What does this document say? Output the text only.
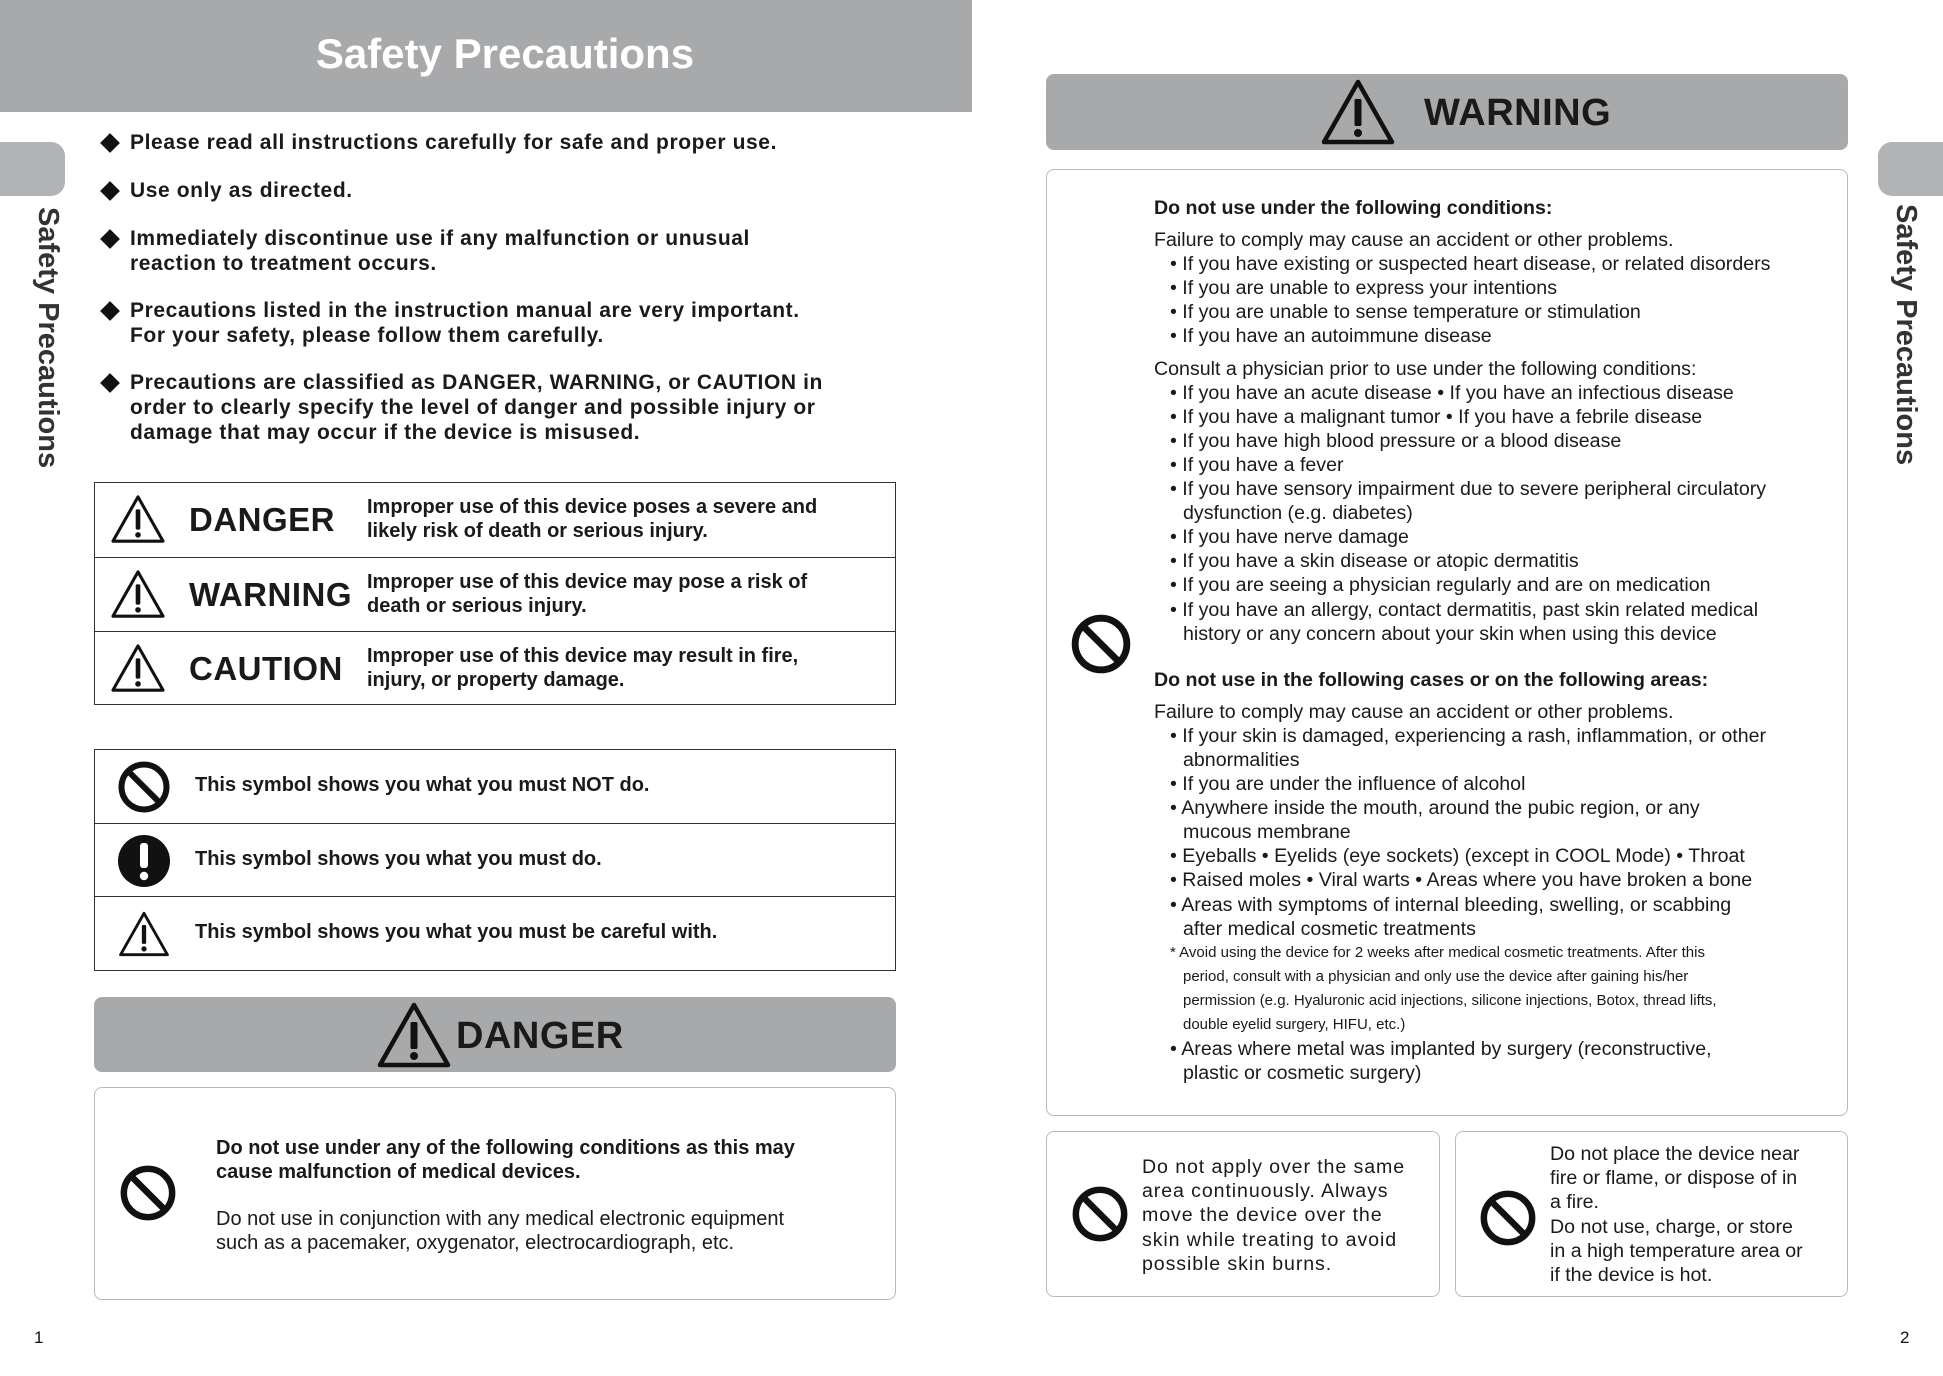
Safety Precautions
Safety Precautions
Please read all instructions carefully for safe and proper use.
Use only as directed.
Immediately discontinue use if any malfunction or unusual
reaction to treatment occurs.
Precautions listed in the instruction manual are very important.
For your safety, please follow them carefully.
Precautions are classified as DANGER, WARNING, or CAUTION in
order to clearly specify the level of danger and possible injury or
damage that may occur if the device is misused.
DANGER Improper use of this device poses a severe and
likely risk of death or serious injury.
WARNING Improper use of this device may pose a risk of
death or serious injury.
CAUTION Improper use of this device may result in fire,
injury, or property damage.
This symbol shows you what you must NOT do.
This symbol shows you what you must do.
This symbol shows you what you must be careful with.
DANGER
Do not use under any of the following conditions as this may
cause malfunction of medical devices.
Do not use in conjunction with any medical electronic equipment
such as a pacemaker, oxygenator, electrocardiograph, etc.
1
Safety Precautions
WARNING
Do not use under the following conditions:
Failure to comply may cause an accident or other problems.
• If you have existing or suspected heart disease, or related disorders
• If you are unable to express your intentions
• If you are unable to sense temperature or stimulation
• If you have an autoimmune disease
Consult a physician prior to use under the following conditions:
• If you have an acute disease • If you have an infectious disease
• If you have a malignant tumor • If you have a febrile disease
• If you have high blood pressure or a blood disease
• If you have a fever
• If you have sensory impairment due to severe peripheral circulatory
dysfunction (e.g. diabetes)
• If you have nerve damage
• If you have a skin disease or atopic dermatitis
• If you are seeing a physician regularly and are on medication
• If you have an allergy, contact dermatitis, past skin related medical
history or any concern about your skin when using this device
Do not use in the following cases or on the following areas:
Failure to comply may cause an accident or other problems.
• If your skin is damaged, experiencing a rash, inflammation, or other
abnormalities
• If you are under the influence of alcohol
• Anywhere inside the mouth, around the pubic region, or any
mucous membrane
• Eyeballs • Eyelids (eye sockets) (except in COOL Mode) • Throat
• Raised moles • Viral warts • Areas where you have broken a bone
• Areas with symptoms of internal bleeding, swelling, or scabbing
after medical cosmetic treatments
* Avoid using the device for 2 weeks after medical cosmetic treatments. After this
period, consult with a physician and only use the device after gaining his/her
permission (e.g. Hyaluronic acid injections, silicone injections, Botox, thread lifts,
double eyelid surgery, HIFU, etc.)
• Areas where metal was implanted by surgery (reconstructive,
plastic or cosmetic surgery)
Do not apply over the same
area continuously. Always
move the device over the
skin while treating to avoid
possible skin burns.
Do not place the device near
fire or flame, or dispose of in
a fire.
Do not use, charge, or store
in a high temperature area or
if the device is hot.
2
